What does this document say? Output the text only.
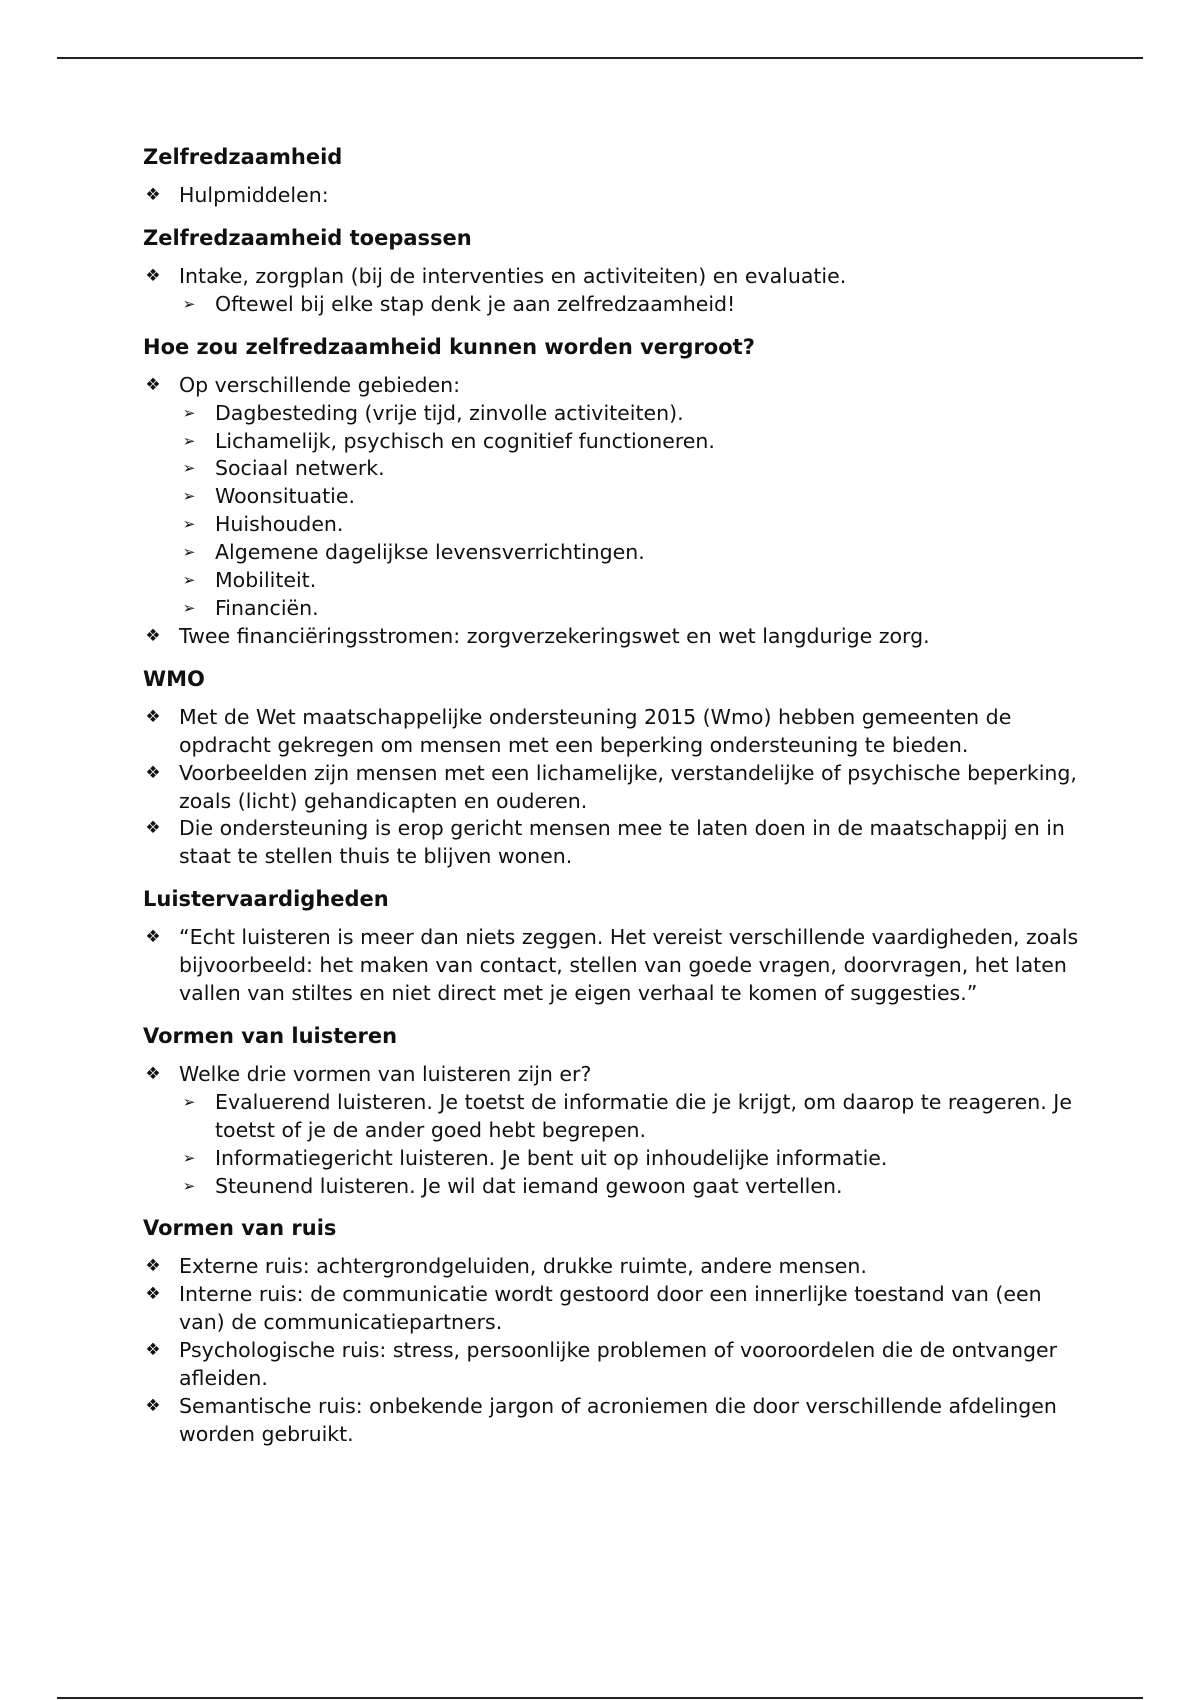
Zelfredzaamheid
❖ Hulpmiddelen:
Zelfredzaamheid toepassen
❖ Intake, zorgplan (bij de interventies en activiteiten) en evaluatie.
➢ Oftewel bij elke stap denk je aan zelfredzaamheid!
Hoe zou zelfredzaamheid kunnen worden vergroot?
❖ Op verschillende gebieden:
➢ Dagbesteding (vrije tijd, zinvolle activiteiten).
➢ Lichamelijk, psychisch en cognitief functioneren.
➢ Sociaal netwerk.
➢ Woonsituatie.
➢ Huishouden.
➢ Algemene dagelijkse levensverrichtingen.
➢ Mobiliteit.
➢ Financiën.
❖ Twee financiëringsstromen: zorgverzekeringswet en wet langdurige zorg.
WMO
❖ Met de Wet maatschappelijke ondersteuning 2015 (Wmo) hebben gemeenten de opdracht gekregen om mensen met een beperking ondersteuning te bieden.
❖ Voorbeelden zijn mensen met een lichamelijke, verstandelijke of psychische beperking, zoals (licht) gehandicapten en ouderen.
❖ Die ondersteuning is erop gericht mensen mee te laten doen in de maatschappij en in staat te stellen thuis te blijven wonen.
Luistervaardigheden
❖ “Echt luisteren is meer dan niets zeggen. Het vereist verschillende vaardigheden, zoals bijvoorbeeld: het maken van contact, stellen van goede vragen, doorvragen, het laten vallen van stiltes en niet direct met je eigen verhaal te komen of suggesties.”
Vormen van luisteren
❖ Welke drie vormen van luisteren zijn er?
➢ Evaluerend luisteren. Je toetst de informatie die je krijgt, om daarop te reageren. Je toetst of je de ander goed hebt begrepen.
➢ Informatiegericht luisteren. Je bent uit op inhoudelijke informatie.
➢ Steunend luisteren. Je wil dat iemand gewoon gaat vertellen.
Vormen van ruis
❖ Externe ruis: achtergrondgeluiden, drukke ruimte, andere mensen.
❖ Interne ruis: de communicatie wordt gestoord door een innerlijke toestand van (een van) de communicatiepartners.
❖ Psychologische ruis: stress, persoonlijke problemen of vooroordelen die de ontvanger afleiden.
❖ Semantische ruis: onbekende jargon of acroniemen die door verschillende afdelingen worden gebruikt.
